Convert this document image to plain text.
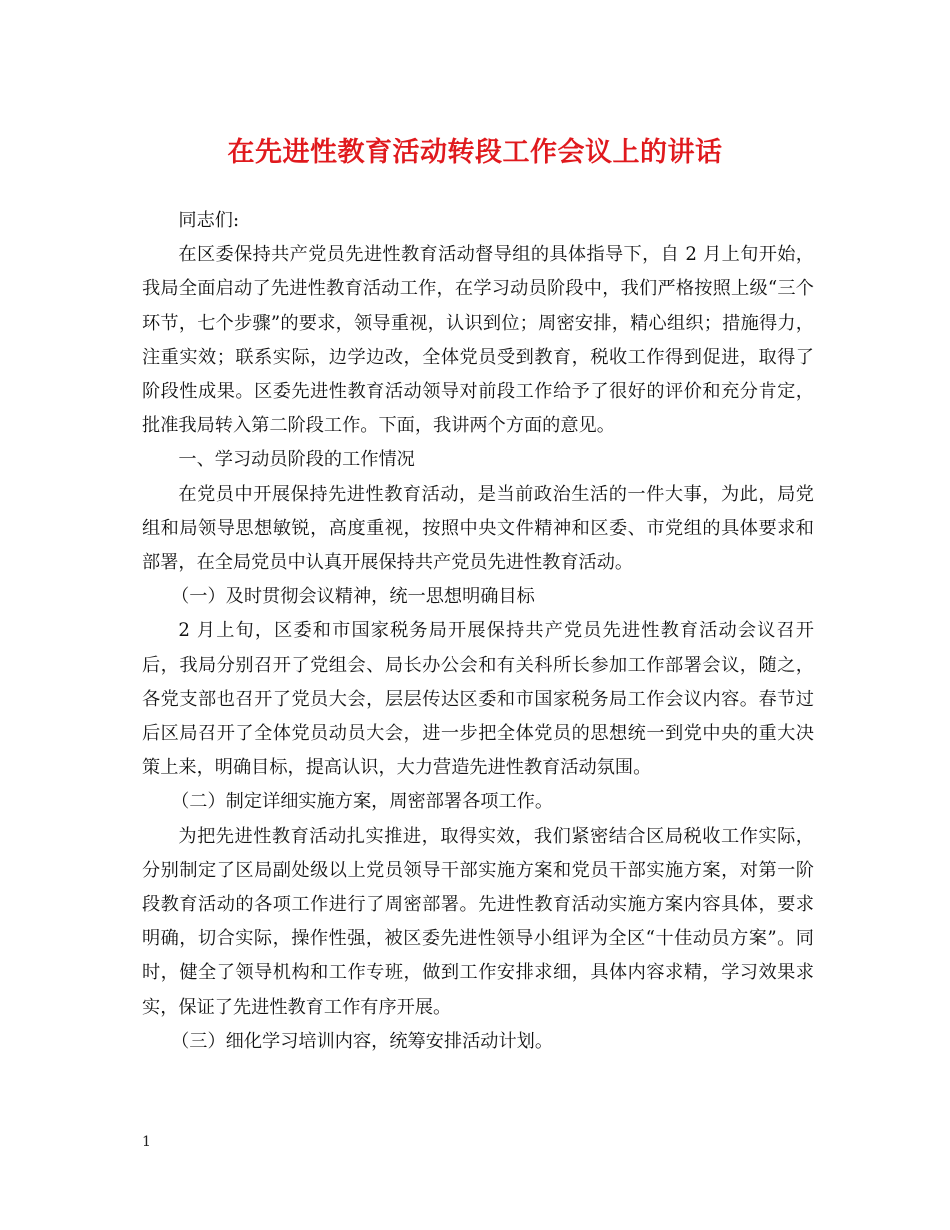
在先进性教育活动转段工作会议上的讲话

同志们:

在区委保持共产党员先进性教育活动督导组的具体指导下，自 2 月上旬开始，我局全面启动了先进性教育活动工作，在学习动员阶段中，我们严格按照上级“三个环节，七个步骤”的要求，领导重视，认识到位；周密安排，精心组织；措施得力，注重实效；联系实际，边学边改，全体党员受到教育，税收工作得到促进，取得了阶段性成果。区委先进性教育活动领导对前段工作给予了很好的评价和充分肯定，批准我局转入第二阶段工作。下面，我讲两个方面的意见。

一、学习动员阶段的工作情况

在党员中开展保持先进性教育活动，是当前政治生活的一件大事，为此，局党组和局领导思想敏锐，高度重视，按照中央文件精神和区委、市党组的具体要求和部署，在全局党员中认真开展保持共产党员先进性教育活动。

（一）及时贯彻会议精神，统一思想明确目标

2 月上旬，区委和市国家税务局开展保持共产党员先进性教育活动会议召开后，我局分别召开了党组会、局长办公会和有关科所长参加工作部署会议，随之，各党支部也召开了党员大会，层层传达区委和市国家税务局工作会议内容。春节过后区局召开了全体党员动员大会，进一步把全体党员的思想统一到党中央的重大决策上来，明确目标，提高认识，大力营造先进性教育活动氛围。

（二）制定详细实施方案，周密部署各项工作。

为把先进性教育活动扎实推进，取得实效，我们紧密结合区局税收工作实际，分别制定了区局副处级以上党员领导干部实施方案和党员干部实施方案，对第一阶段教育活动的各项工作进行了周密部署。先进性教育活动实施方案内容具体，要求明确，切合实际，操作性强，被区委先进性领导小组评为全区“十佳动员方案”。同时，健全了领导机构和工作专班，做到工作安排求细，具体内容求精，学习效果求实，保证了先进性教育工作有序开展。

（三）细化学习培训内容，统筹安排活动计划。

1
